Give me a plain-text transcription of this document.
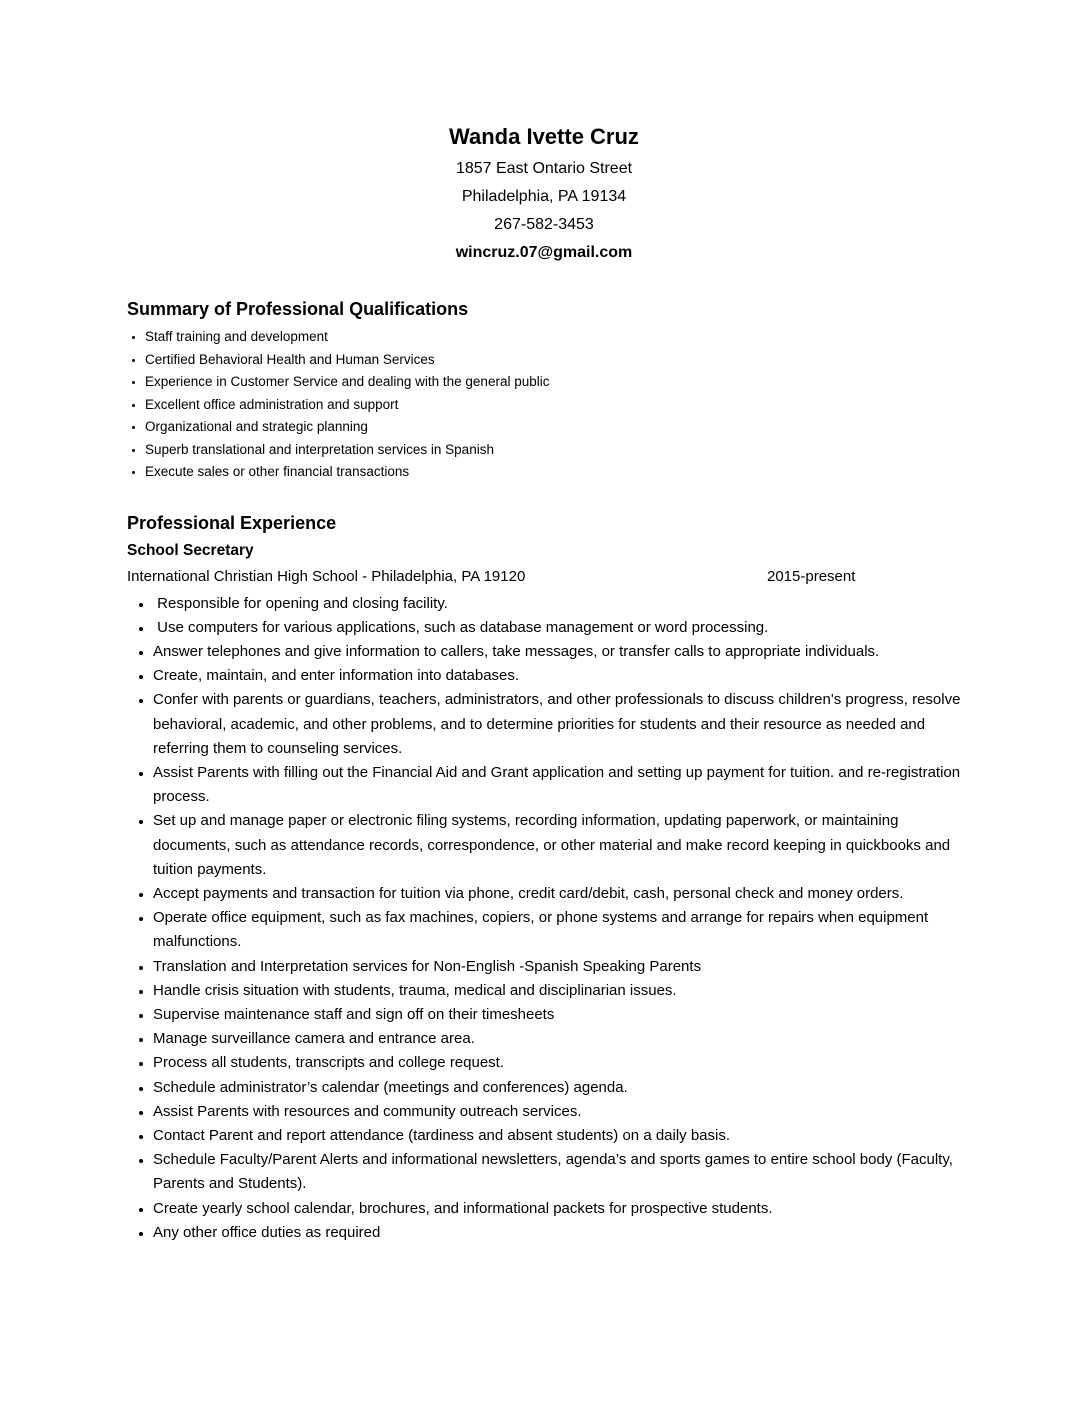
Wanda Ivette Cruz
1857 East Ontario Street
Philadelphia, PA 19134
267-582-3453
wincruz.07@gmail.com
Summary of Professional Qualifications
• Staff training and development
• Certified Behavioral Health and Human Services
• Experience in Customer Service and dealing with the general public
• Excellent office administration and support
• Organizational and strategic planning
• Superb translational and interpretation services in Spanish
• Execute sales or other financial transactions
Professional Experience
School Secretary
International Christian High School - Philadelphia, PA 19120	2015-present
•  Responsible for opening and closing facility.
•  Use computers for various applications, such as database management or word processing.
• Answer telephones and give information to callers, take messages, or transfer calls to appropriate individuals.
• Create, maintain, and enter information into databases.
• Confer with parents or guardians, teachers, administrators, and other professionals to discuss children's progress, resolve behavioral, academic, and other problems, and to determine priorities for students and their resource as needed and referring them to counseling services.
• Assist Parents with filling out the Financial Aid and Grant application and setting up payment for tuition. and re-registration process.
• Set up and manage paper or electronic filing systems, recording information, updating paperwork, or maintaining documents, such as attendance records, correspondence, or other material and make record keeping in quickbooks and tuition payments.
• Accept payments and transaction for tuition via phone, credit card/debit, cash, personal check and money orders.
• Operate office equipment, such as fax machines, copiers, or phone systems and arrange for repairs when equipment malfunctions.
• Translation and Interpretation services for Non-English -Spanish Speaking Parents
• Handle crisis situation with students, trauma, medical and disciplinarian issues.
• Supervise maintenance staff and sign off on their timesheets
• Manage surveillance camera and entrance area.
• Process all students, transcripts and college request.
• Schedule administrator’s calendar (meetings and conferences) agenda.
• Assist Parents with resources and community outreach services.
• Contact Parent and report attendance (tardiness and absent students) on a daily basis.
• Schedule Faculty/Parent Alerts and informational newsletters, agenda’s and sports games to entire school body (Faculty, Parents and Students).
• Create yearly school calendar, brochures, and informational packets for prospective students.
• Any other office duties as required
